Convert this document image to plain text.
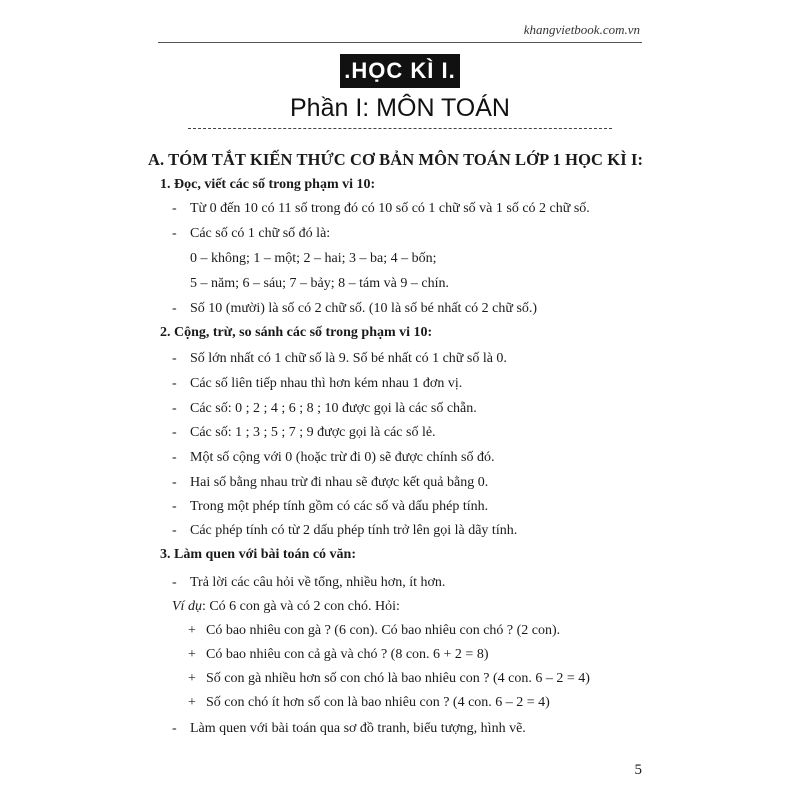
khangvietbook.com.vn
.HỌC KÌ I.
Phần I: MÔN TOÁN
A. TÓM TẮT KIẾN THỨC CƠ BẢN MÔN TOÁN LỚP 1 HỌC KÌ I:
1. Đọc, viết các số trong phạm vi 10:
- Từ 0 đến 10 có 11 số trong đó có 10 số có 1 chữ số và 1 số có 2 chữ số.
- Các số có 1 chữ số đó là:
0 – không; 1 – một; 2 – hai; 3 – ba; 4 – bốn;
5 – năm; 6 – sáu; 7 – bảy; 8 – tám và 9 – chín.
- Số 10 (mười) là số có 2 chữ số. (10 là số bé nhất có 2 chữ số.)
2. Cộng, trừ, so sánh các số trong phạm vi 10:
- Số lớn nhất có 1 chữ số là 9. Số bé nhất có 1 chữ số là 0.
- Các số liên tiếp nhau thì hơn kém nhau 1 đơn vị.
- Các số: 0 ; 2 ; 4 ; 6 ; 8 ; 10 được gọi là các số chẵn.
- Các số: 1 ; 3 ; 5 ; 7 ; 9 được gọi là các số lẻ.
- Một số cộng với 0 (hoặc trừ đi 0) sẽ được chính số đó.
- Hai số bằng nhau trừ đi nhau sẽ được kết quả bằng 0.
- Trong một phép tính gồm có các số và dấu phép tính.
- Các phép tính có từ 2 dấu phép tính trở lên gọi là dãy tính.
3. Làm quen với bài toán có văn:
- Trả lời các câu hỏi về tổng, nhiều hơn, ít hơn.
Ví dụ: Có 6 con gà và có 2 con chó. Hỏi:
+ Có bao nhiêu con gà ? (6 con). Có bao nhiêu con chó ? (2 con).
+ Có bao nhiêu con cả gà và chó ? (8 con. 6 + 2 = 8)
+ Số con gà nhiều hơn số con chó là bao nhiêu con ? (4 con. 6 – 2 = 4)
+ Số con chó ít hơn số con là bao nhiêu con ? (4 con. 6 – 2 = 4)
- Làm quen với bài toán qua sơ đồ tranh, biểu tượng, hình vẽ.
5
